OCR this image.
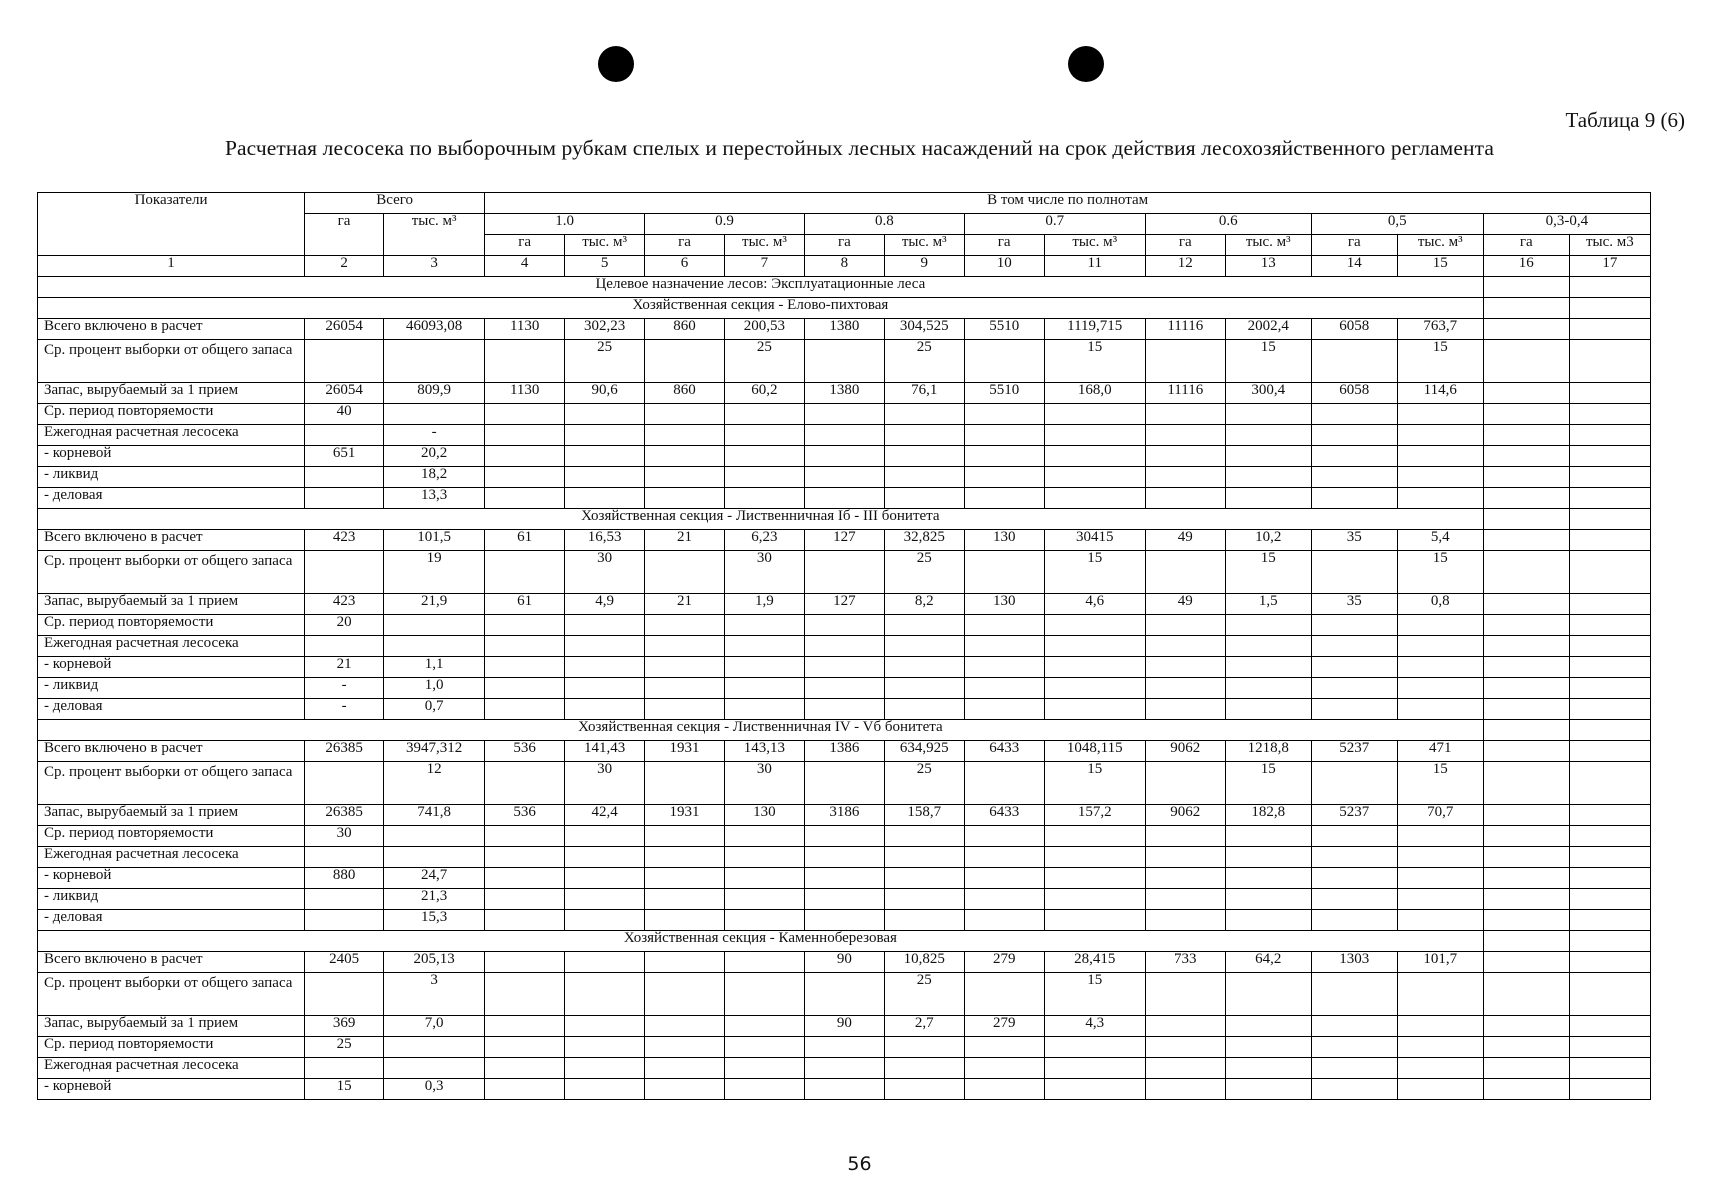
Таблица 9 (6)
Расчетная лесосека по выборочным рубкам спелых и перестойных лесных насаждений на срок действия лесохозяйственного регламента
Показатели	Всего		В том числе по полнотам													
	га	тыс. м³	1.0		0.9		0.8		0.7		0.6		0,5		0,3-0,4	
			га	тыс. м³	га	тыс. м³	га	тыс. м³	га	тыс. м³	га	тыс. м³	га	тыс. м³	га	тыс. м3
1	2	3	4	5	6	7	8	9	10	11	12	13	14	15	16	17
Целевое назначение лесов: Эксплуатационные леса																
Хозяйственная секция - Елово-пихтовая																
Всего включено в расчет	26054	46093,08	1130	302,23	860	200,53	1380	304,525	5510	1119,715	11116	2002,4	6058	763,7		
Ср. процент выборки от общего запаса				25		25		25		15		15		15		
Запас, вырубаемый за 1 прием	26054	809,9	1130	90,6	860	60,2	1380	76,1	5510	168,0	11116	300,4	6058	114,6		
Ср. период повторяемости	40															
Ежегодная расчетная лесосека		-														
- корневой	651	20,2														
- ликвид		18,2														
- деловая		13,3														
Хозяйственная секция - Лиственничная Iб - III бонитета																
Всего включено в расчет	423	101,5	61	16,53	21	6,23	127	32,825	130	30415	49	10,2	35	5,4		
Ср. процент выборки от общего запаса		19		30		30		25		15		15		15		
Запас, вырубаемый за 1 прием	423	21,9	61	4,9	21	1,9	127	8,2	130	4,6	49	1,5	35	0,8		
Ср. период повторяемости	20															
Ежегодная расчетная лесосека																
- корневой	21	1,1														
- ликвид	-	1,0														
- деловая	-	0,7														
Хозяйственная секция - Лиственничная IV - Vб бонитета																
Всего включено в расчет	26385	3947,312	536	141,43	1931	143,13	1386	634,925	6433	1048,115	9062	1218,8	5237	471		
Ср. процент выборки от общего запаса		12		30		30		25		15		15		15		
Запас, вырубаемый за 1 прием	26385	741,8	536	42,4	1931	130	3186	158,7	6433	157,2	9062	182,8	5237	70,7		
Ср. период повторяемости	30															
Ежегодная расчетная лесосека																
- корневой	880	24,7														
- ликвид		21,3														
- деловая		15,3														
Хозяйственная секция - Каменноберезовая																
Всего включено в расчет	2405	205,13					90	10,825	279	28,415	733	64,2	1303	101,7		
Ср. процент выборки от общего запаса		3						25		15						
Запас, вырубаемый за 1 прием	369	7,0					90	2,7	279	4,3						
Ср. период повторяемости	25															
Ежегодная расчетная лесосека																
- корневой	15	0,3														
56
